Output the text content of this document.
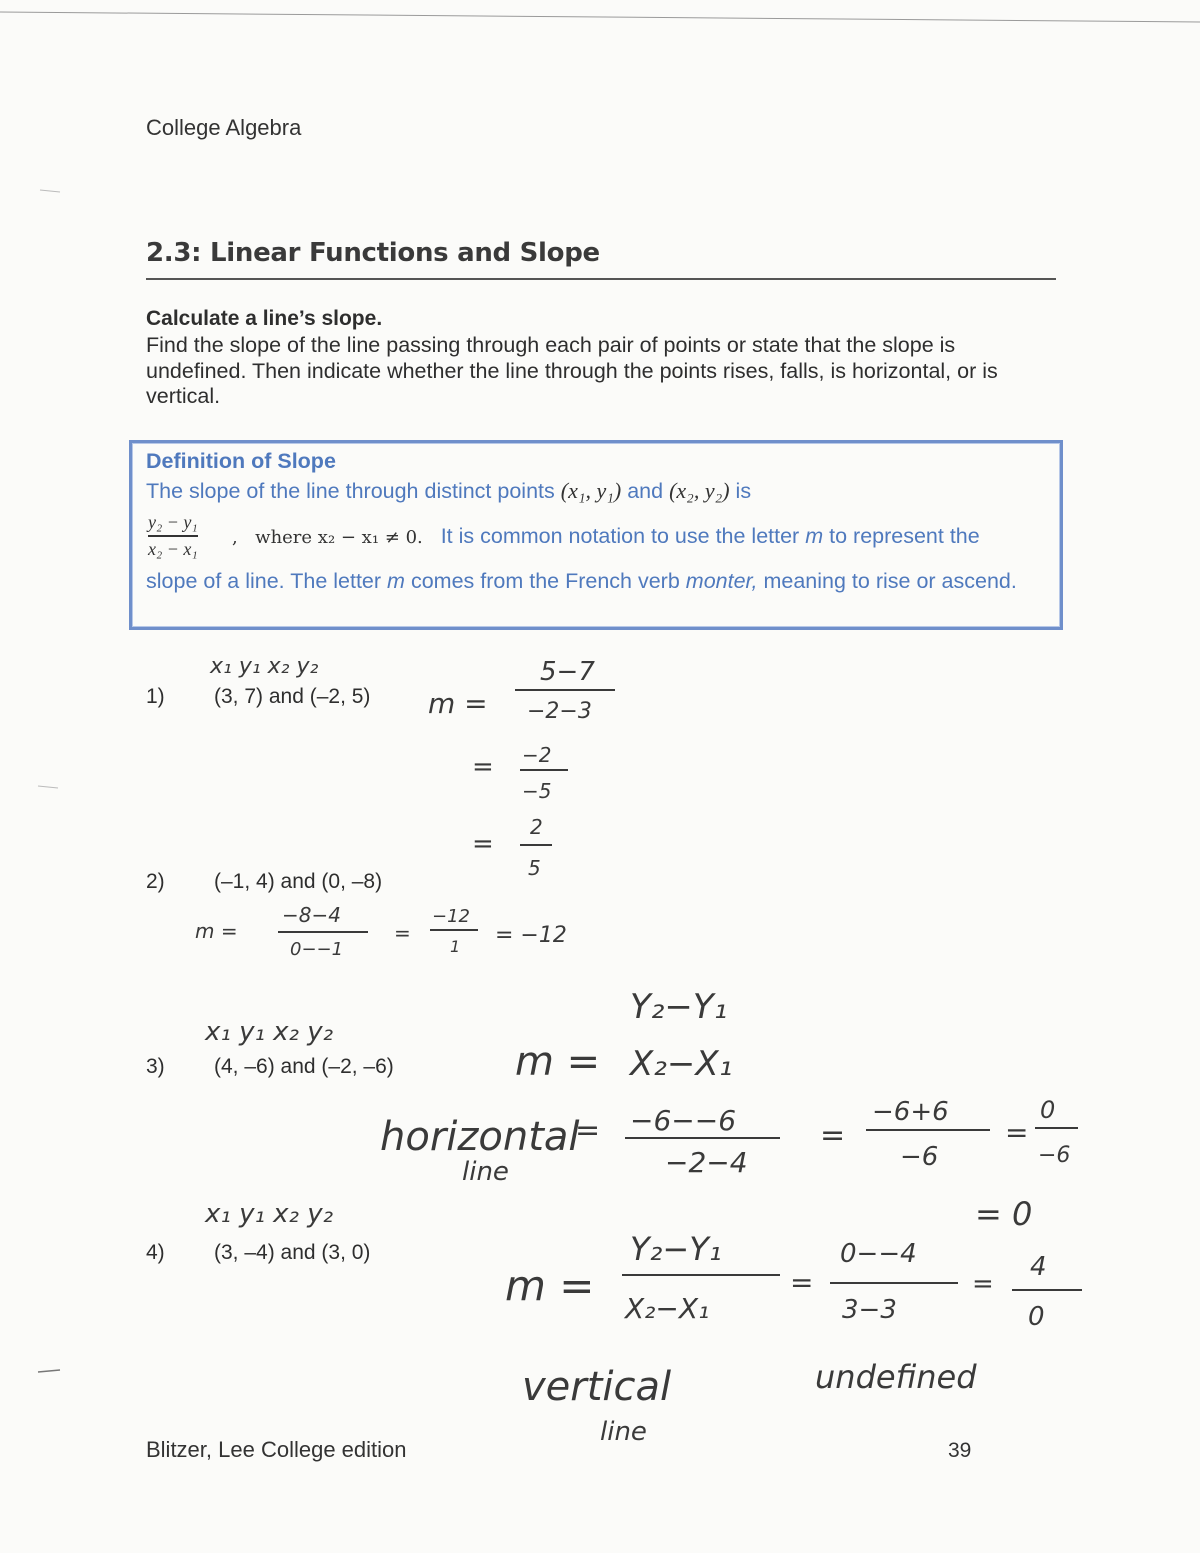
College Algebra
2.3: Linear Functions and Slope
Calculate a line’s slope.
Find the slope of the line passing through each pair of points or state that the slope is undefined. Then indicate whether the line through the points rises, falls, is horizontal, or is vertical.
Definition of Slope
The slope of the line through distinct points (x₁, y₁) and (x₂, y₂) is
y₂ − y₁
x₂ − x₁
,   where x₂ − x₁ ≠ 0. It is common notation to use the letter m to represent the
slope of a line. The letter m comes from the French verb monter, meaning to rise or ascend.
1) (3, 7) and (–2, 5)
2) (–1, 4) and (0, –8)
3) (4, –6) and (–2, –6)
4) (3, –4) and (3, 0)
x₁ y₁ x₂ y₂
m =
5−7
−2−3
= −2
−5
=
2
5
m =
−8−4
0−−1
=
−12
1 = −12
x₁ y₁ x₂ y₂
Y₂−Y₁
m = X₂−X₁
horizontal
line
= −6−−6
−2−4
=
−6+6
−6
=
0
−6
= 0
x₁ y₁ x₂ y₂
m =
Y₂−Y₁
X₂−X₁
=
0−−4
3−3
=
4
0
vertical
line
undefined
Blitzer, Lee College edition	39
